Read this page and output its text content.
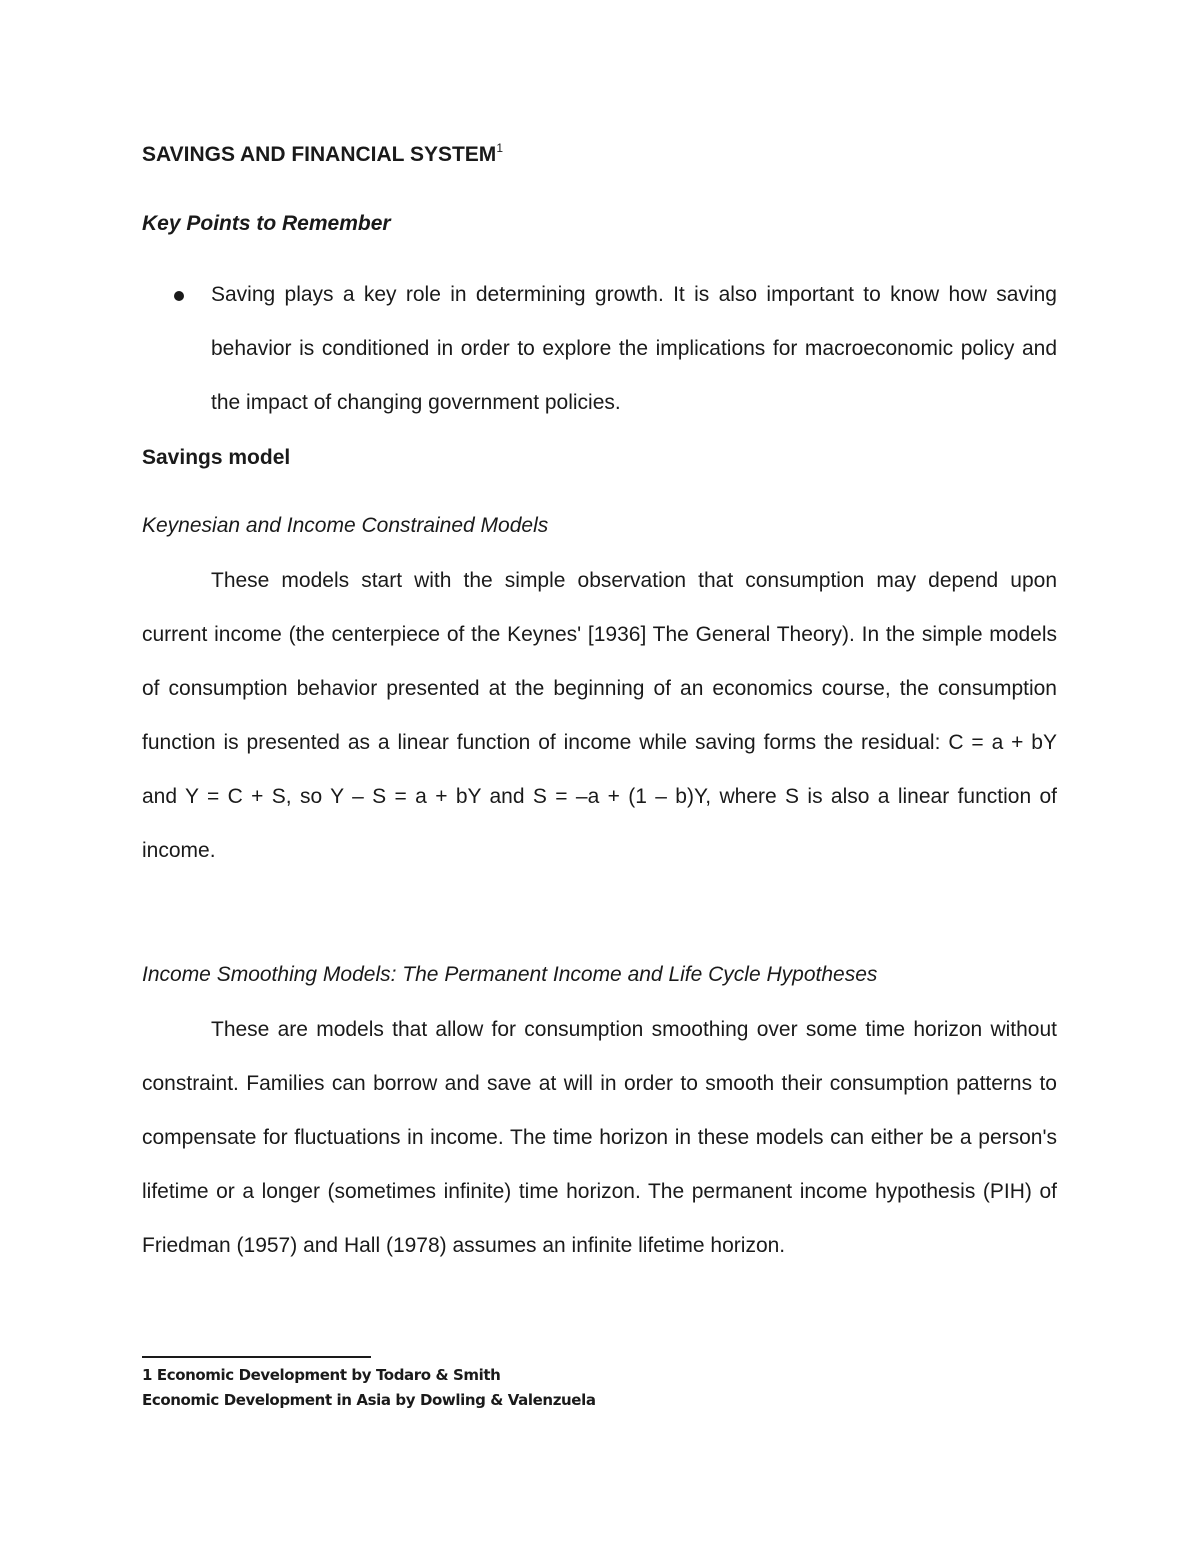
SAVINGS AND FINANCIAL SYSTEM$^1$
Key Points to Remember
Saving plays a key role in determining growth. It is also important to know how saving behavior is conditioned in order to explore the implications for macroeconomic policy and the impact of changing government policies.
Savings model
Keynesian and Income Constrained Models

These models start with the simple observation that consumption may depend upon current income (the centerpiece of the Keynes' [1936] The General Theory). In the simple models of consumption behavior presented at the beginning of an economics course, the consumption function is presented as a linear function of income while saving forms the residual: C = a + bY and Y = C + S, so Y – S = a + bY and S = –a + (1 – b)Y, where S is also a linear function of income.

Income Smoothing Models: The Permanent Income and Life Cycle Hypotheses

These are models that allow for consumption smoothing over some time horizon without constraint. Families can borrow and save at will in order to smooth their consumption patterns to compensate for fluctuations in income. The time horizon in these models can either be a person's lifetime or a longer (sometimes infinite) time horizon. The permanent income hypothesis (PIH) of Friedman (1957) and Hall (1978) assumes an infinite lifetime horizon.

1 Economic Development by Todaro & Smith
Economic Development in Asia by Dowling & Valenzuela
